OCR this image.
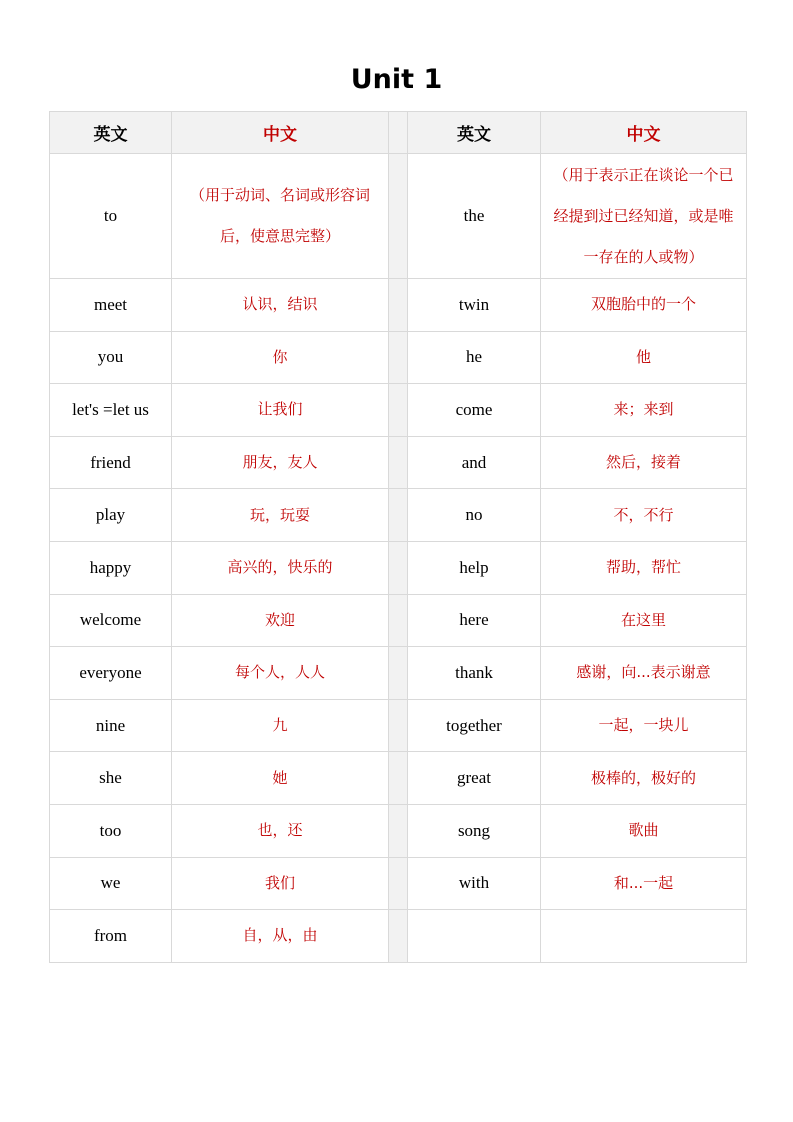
Unit 1
英文	中文		英文	中文
to	（用于动词、名词或形容词后，使意思完整）		the	（用于表示正在谈论一个已经提到过已经知道，或是唯一存在的人或物）
meet	认识，结识		twin	双胞胎中的一个
you	你		he	他
let's =let us	让我们		come	来；来到
friend	朋友，友人		and	然后，接着
play	玩，玩耍		no	不，不行
happy	高兴的，快乐的		help	帮助，帮忙
welcome	欢迎		here	在这里
everyone	每个人，人人		thank	感谢，向...表示谢意
nine	九		together	一起，一块儿
she	她		great	极棒的，极好的
too	也，还		song	歌曲
we	我们		with	和...一起
from	自，从，由			
